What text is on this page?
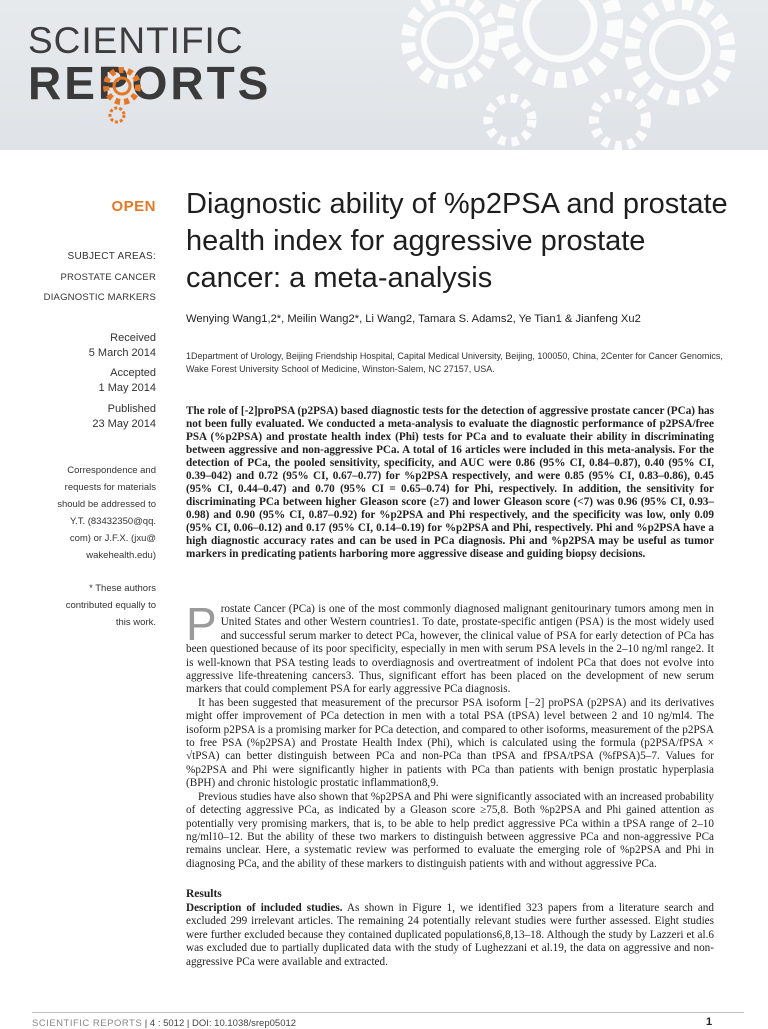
SCIENTIFIC
REPORTS
OPEN
SUBJECT AREAS:
PROSTATE CANCER
DIAGNOSTIC MARKERS
Received
5 March 2014
Accepted
1 May 2014
Published
23 May 2014
Correspondence and
requests for materials
should be addressed to
Y.T. (83432350@qq.
com) or J.F.X. (jxu@
wakehealth.edu)
* These authors
contributed equally to
this work.
Diagnostic ability of %p2PSA and prostate health index for aggressive prostate cancer: a meta-analysis
Wenying Wang1,2*, Meilin Wang2*, Li Wang2, Tamara S. Adams2, Ye Tian1 & Jianfeng Xu2
1Department of Urology, Beijing Friendship Hospital, Capital Medical University, Beijing, 100050, China, 2Center for Cancer Genomics, Wake Forest University School of Medicine, Winston-Salem, NC 27157, USA.
The role of [-2]proPSA (p2PSA) based diagnostic tests for the detection of aggressive prostate cancer (PCa) has not been fully evaluated. We conducted a meta-analysis to evaluate the diagnostic performance of p2PSA/free PSA (%p2PSA) and prostate health index (Phi) tests for PCa and to evaluate their ability in discriminating between aggressive and non-aggressive PCa. A total of 16 articles were included in this meta-analysis. For the detection of PCa, the pooled sensitivity, specificity, and AUC were 0.86 (95% CI, 0.84–0.87), 0.40 (95% CI, 0.39–042) and 0.72 (95% CI, 0.67–0.77) for %p2PSA respectively, and were 0.85 (95% CI, 0.83–0.86), 0.45 (95% CI, 0.44–0.47) and 0.70 (95% CI = 0.65–0.74) for Phi, respectively. In addition, the sensitivity for discriminating PCa between higher Gleason score (≥7) and lower Gleason score (<7) was 0.96 (95% CI, 0.93–0.98) and 0.90 (95% CI, 0.87–0.92) for %p2PSA and Phi respectively, and the specificity was low, only 0.09 (95% CI, 0.06–0.12) and 0.17 (95% CI, 0.14–0.19) for %p2PSA and Phi, respectively. Phi and %p2PSA have a high diagnostic accuracy rates and can be used in PCa diagnosis. Phi and %p2PSA may be useful as tumor markers in predicating patients harboring more aggressive disease and guiding biopsy decisions.

Prostate Cancer (PCa) is one of the most commonly diagnosed malignant genitourinary tumors among men in United States and other Western countries1. To date, prostate-specific antigen (PSA) is the most widely used and successful serum marker to detect PCa, however, the clinical value of PSA for early detection of PCa has been questioned because of its poor specificity, especially in men with serum PSA levels in the 2–10 ng/ml range2. It is well-known that PSA testing leads to overdiagnosis and overtreatment of indolent PCa that does not evolve into aggressive life-threatening cancers3. Thus, significant effort has been placed on the development of new serum markers that could complement PSA for early aggressive PCa diagnosis.

It has been suggested that measurement of the precursor PSA isoform [−2] proPSA (p2PSA) and its derivatives might offer improvement of PCa detection in men with a total PSA (tPSA) level between 2 and 10 ng/ml4. The isoform p2PSA is a promising marker for PCa detection, and compared to other isoforms, measurement of the p2PSA to free PSA (%p2PSA) and Prostate Health Index (Phi), which is calculated using the formula (p2PSA/fPSA × √tPSA) can better distinguish between PCa and non-PCa than tPSA and fPSA/tPSA (%fPSA)5–7. Values for %p2PSA and Phi were significantly higher in patients with PCa than patients with benign prostatic hyperplasia (BPH) and chronic histologic prostatic inflammation8,9.

Previous studies have also shown that %p2PSA and Phi were significantly associated with an increased probability of detecting aggressive PCa, as indicated by a Gleason score ≥75,8. Both %p2PSA and Phi gained attention as potentially very promising markers, that is, to be able to help predict aggressive PCa within a tPSA range of 2–10 ng/ml10–12. But the ability of these two markers to distinguish between aggressive PCa and non-aggressive PCa remains unclear. Here, a systematic review was performed to evaluate the emerging role of %p2PSA and Phi in diagnosing PCa, and the ability of these markers to distinguish patients with and without aggressive PCa.

Results
Description of included studies. As shown in Figure 1, we identified 323 papers from a literature search and excluded 299 irrelevant articles. The remaining 24 potentially relevant studies were further assessed. Eight studies were further excluded because they contained duplicated populations6,8,13–18. Although the study by Lazzeri et al.6 was excluded due to partially duplicated data with the study of Lughezzani et al.19, the data on aggressive and non-aggressive PCa were available and extracted.
SCIENTIFIC REPORTS | 4 : 5012 | DOI: 10.1038/srep05012	1
